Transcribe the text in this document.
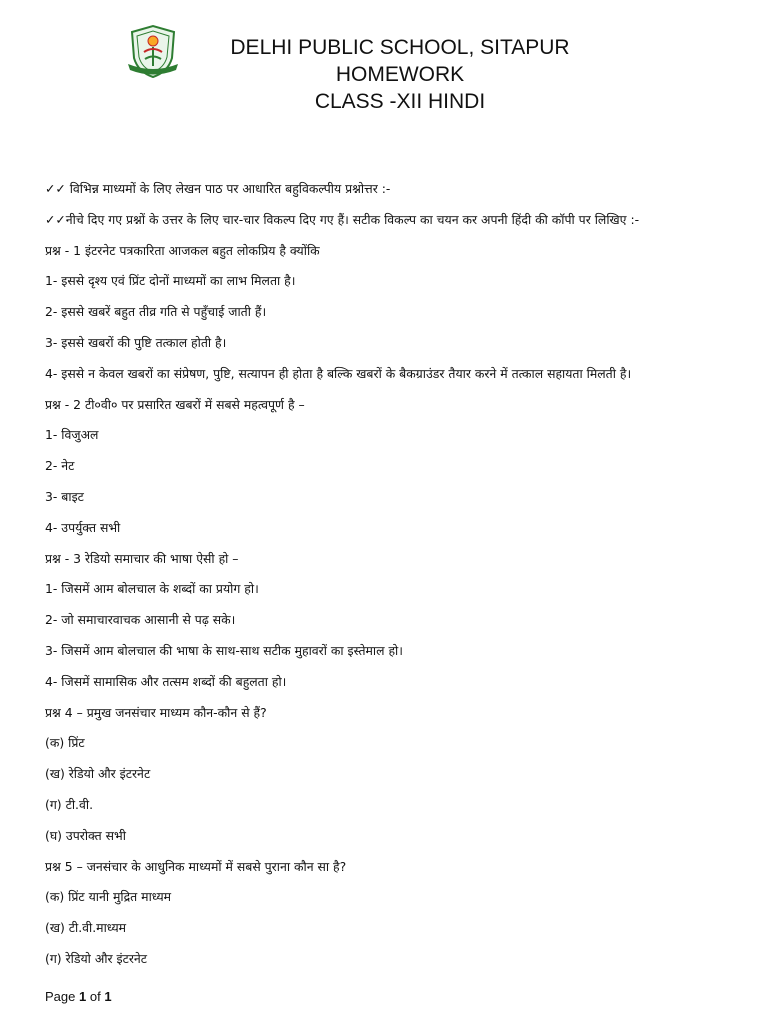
DELHI PUBLIC SCHOOL, SITAPUR
HOMEWORK
CLASS -XII HINDI
✓✓ विभिन्न माध्यमों के लिए लेखन पाठ पर आधारित बहुविकल्पीय प्रश्नोत्तर :-
✓✓नीचे दिए गए प्रश्नों के उत्तर के लिए चार-चार विकल्प दिए गए हैं। सटीक विकल्प का चयन कर अपनी हिंदी की कॉपी पर लिखिए :-
प्रश्न - 1 इंटरनेट पत्रकारिता आजकल बहुत लोकप्रिय है क्योंकि
1- इससे दृश्य एवं प्रिंट दोनों माध्यमों का लाभ मिलता है।
2- इससे खबरें बहुत तीव्र गति से पहुँचाई जाती हैं।
3- इससे खबरों की पुष्टि तत्काल होती है।
4- इससे न केवल खबरों का संप्रेषण, पुष्टि, सत्यापन ही होता है बल्कि खबरों के बैकग्राउंडर तैयार करने में तत्काल सहायता मिलती है।
प्रश्न - 2 टी०वी० पर प्रसारित खबरों में सबसे महत्वपूर्ण है –
1- विजुअल
2- नेट
3- बाइट
4- उपर्युक्त सभी
प्रश्न - 3 रेडियो समाचार की भाषा ऐसी हो –
1- जिसमें आम बोलचाल के शब्दों का प्रयोग हो।
2- जो समाचारवाचक आसानी से पढ़ सके।
3- जिसमें आम बोलचाल की भाषा के साथ-साथ सटीक मुहावरों का इस्तेमाल हो।
4- जिसमें सामासिक और तत्सम शब्दों की बहुलता हो।
प्रश्न 4 – प्रमुख जनसंचार माध्यम कौन-कौन से हैं?
(क) प्रिंट
(ख) रेडियो और इंटरनेट
(ग) टी.वी.
(घ) उपरोक्त सभी
प्रश्न 5 – जनसंचार के आधुनिक माध्यमों में सबसे पुराना कौन सा है?
(क) प्रिंट यानी मुद्रित माध्यम
(ख) टी.वी.माध्यम
(ग) रेडियो और इंटरनेट
Page 1 of 1
